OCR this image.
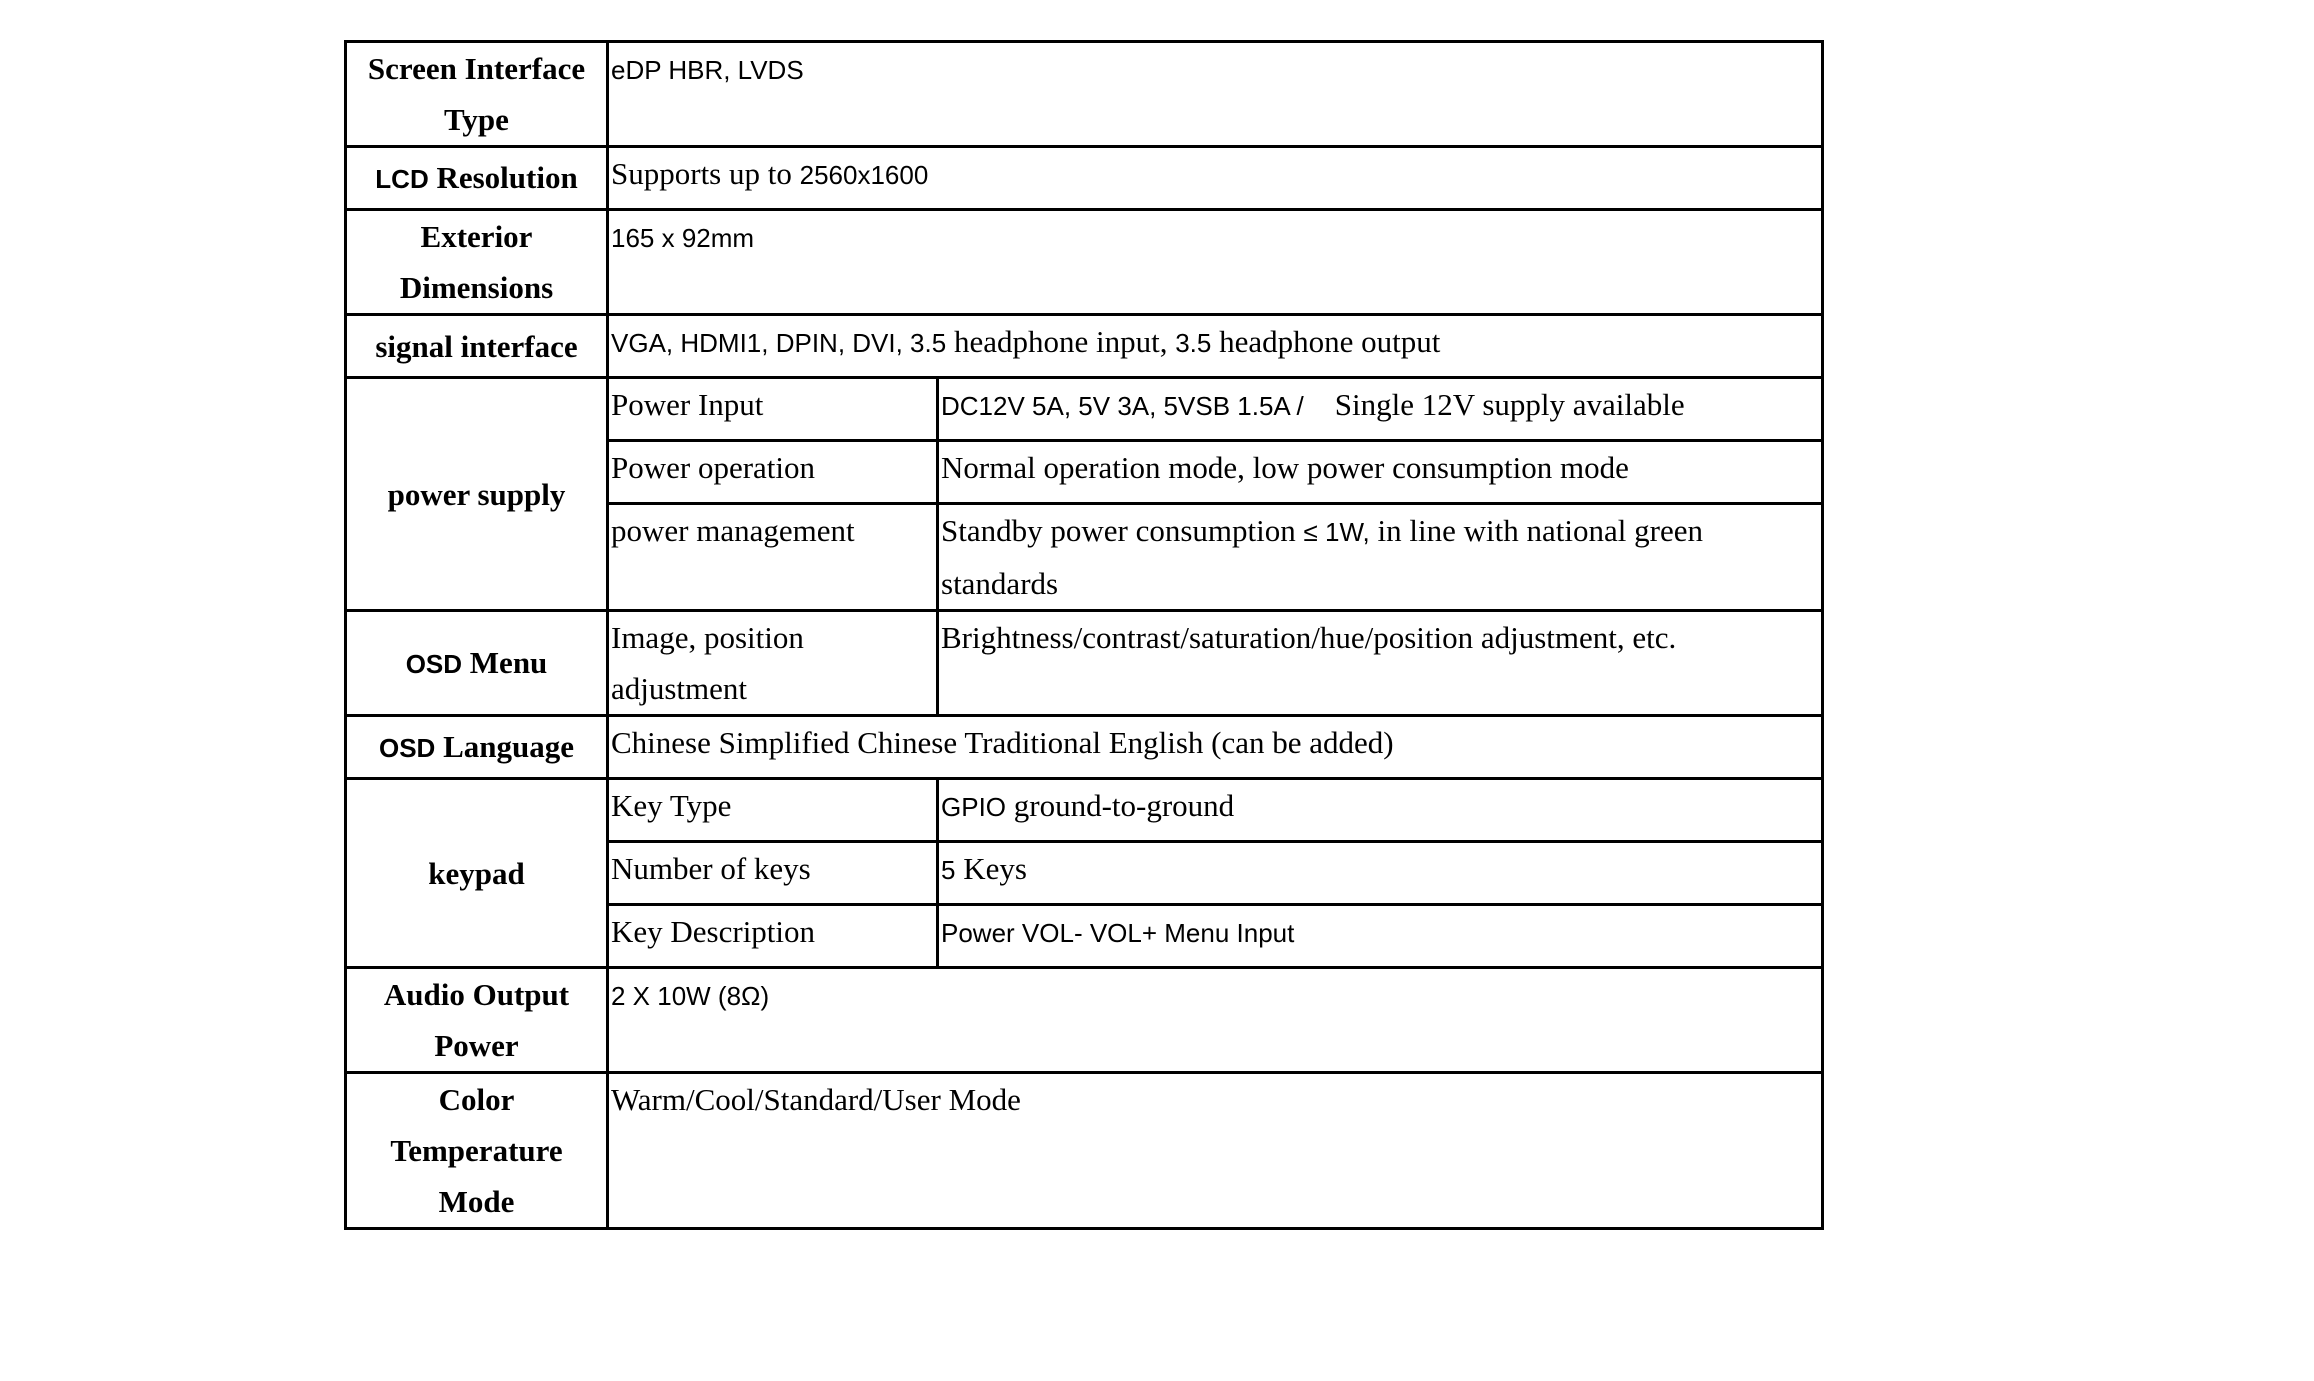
Screen Interface Type	eDP HBR, LVDS	
LCD Resolution	Supports up to 2560x1600	
Exterior Dimensions	165 x 92mm	
signal interface	VGA, HDMI1, DPIN, DVI, 3.5 headphone input, 3.5 headphone output	
power supply	Power Input	DC12V 5A, 5V 3A, 5VSB 1.5A /    Single 12V supply available
	Power operation	Normal operation mode, low power consumption mode
	power management	Standby power consumption ≤ 1W, in line with national green standards
OSD Menu	Image, position adjustment	Brightness/contrast/saturation/hue/position adjustment, etc.
OSD Language	Chinese Simplified Chinese Traditional English (can be added)	
keypad	Key Type	GPIO ground-to-ground
	Number of keys	5 Keys
	Key Description	Power VOL- VOL+ Menu Input
Audio Output Power	2 X 10W (8Ω)	
Color Temperature Mode	Warm/Cool/Standard/User Mode	
